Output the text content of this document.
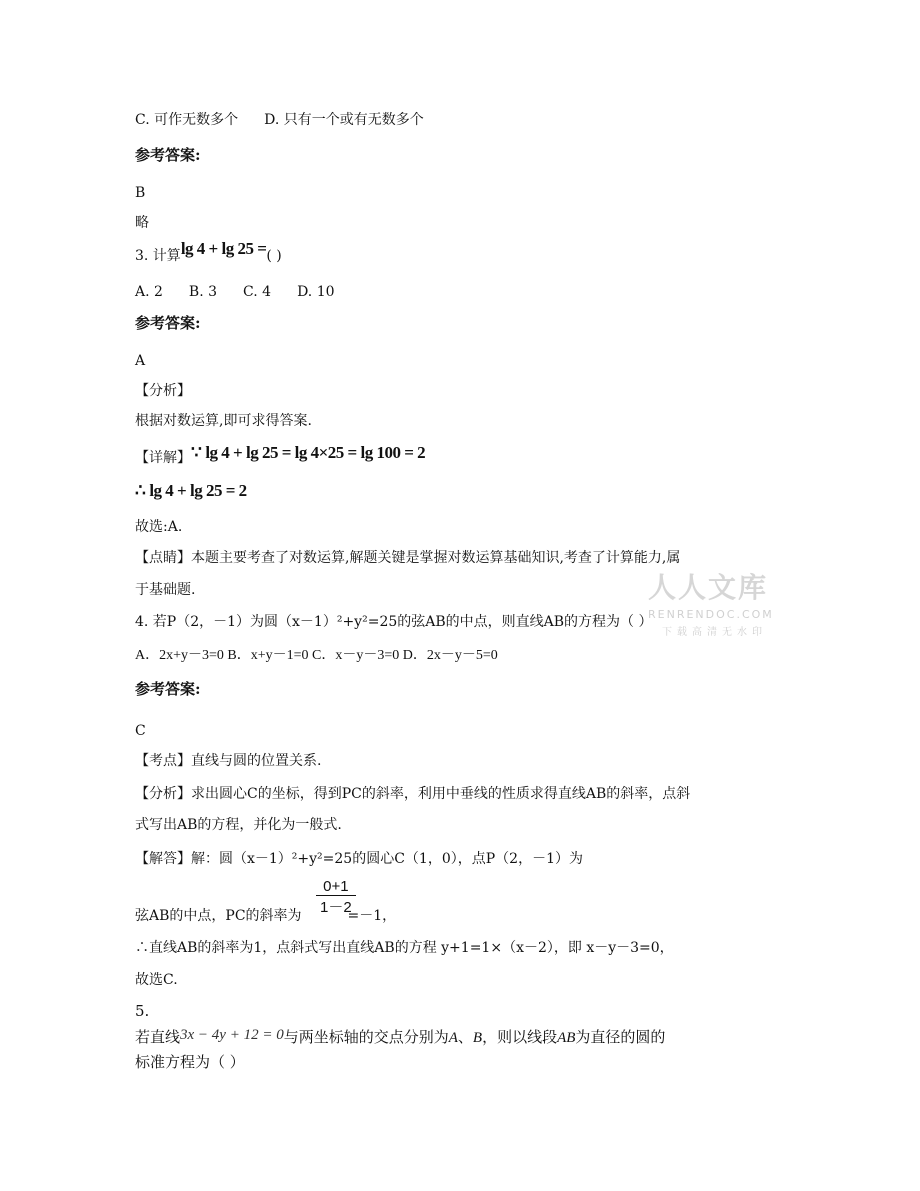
C. 可作无数多个 D. 只有一个或有无数多个
参考答案:
B
略
3. 计算lg 4 + lg 25 =( )
A. 2 B. 3 C. 4 D. 10
参考答案:
A
【分析】
根据对数运算,即可求得答案.
【详解】∵ lg 4 + lg 25 = lg 4×25 = lg 100 = 2
∴ lg 4 + lg 25 = 2
故选:A.
【点睛】本题主要考查了对数运算,解题关键是掌握对数运算基础知识,考查了计算能力,属
于基础题.	人人文库
RENRENDOC.COM
下载高清无水印
4. 若P（2，－1）为圆（x－1）²+y²=25的弦AB的中点，则直线AB的方程为（ ）
A．2x+y－3=0 B．x+y－1=0 C．x－y－3=0 D．2x－y－5=0
参考答案:
C
【考点】直线与圆的位置关系.
【分析】求出圆心C的坐标，得到PC的斜率，利用中垂线的性质求得直线AB的斜率，点斜
式写出AB的方程，并化为一般式.
【解答】解：圆（x－1）²+y²=25的圆心C（1，0），点P（2，－1）为
$\frac{0+1}{1-2}$
弦AB的中点，PC的斜率为	=－1，
∴直线AB的斜率为1，点斜式写出直线AB的方程 y+1=1×（x－2），即 x－y－3=0，
故选C.
5.
若直线3x − 4y + 12 = 0与两坐标轴的交点分别为A、B，则以线段AB为直径的圆的
标准方程为（ ）
